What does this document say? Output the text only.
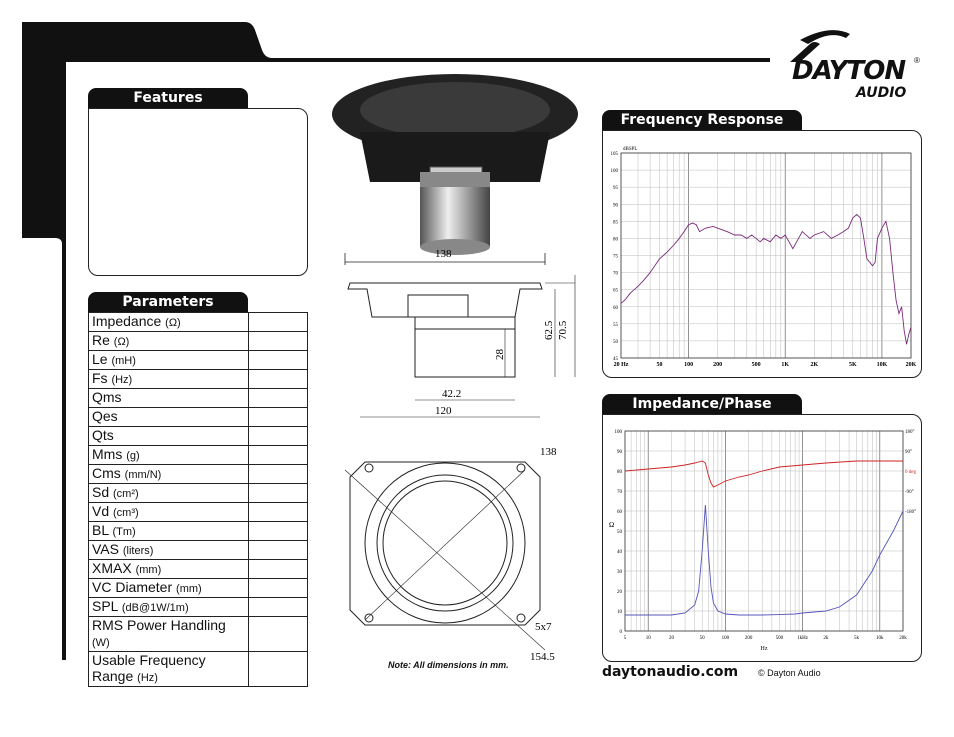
DAYTON ®
AUDIO
Features
Parameters
Impedance (Ω)	
Re (Ω)	
Le (mH)	
Fs (Hz)	
Qms	
Qes	
Qts	
Mms (g)	
Cms (mm/N)	
Sd (cm²)	
Vd (cm³)	
BL (Tm)	
VAS (liters)	
XMAX (mm)	
VC Diameter (mm)	
SPL (dB@1W/1m)	
RMS Power Handling (W)	
Usable Frequency Range (Hz)	
138
70.5
62.5
28
42.2
120
138
5x7
154.5
Note: All dimensions in mm.
Frequency Response
45
50
55
60
65
70
75
80
85
90
95
100
105
20 Hz	50	100	200	500	1K	2K	5K	10K	20K
dBSPL
Impedance/Phase
0
10
20
30
40
50
60
70
80
90
100
5	10	20	50	100	200	500	1kHz	2k	5k	10k	20k
Hz
Ω
180°
90°
0 deg
-90°
-180°
daytonaudio.com © Dayton Audio
